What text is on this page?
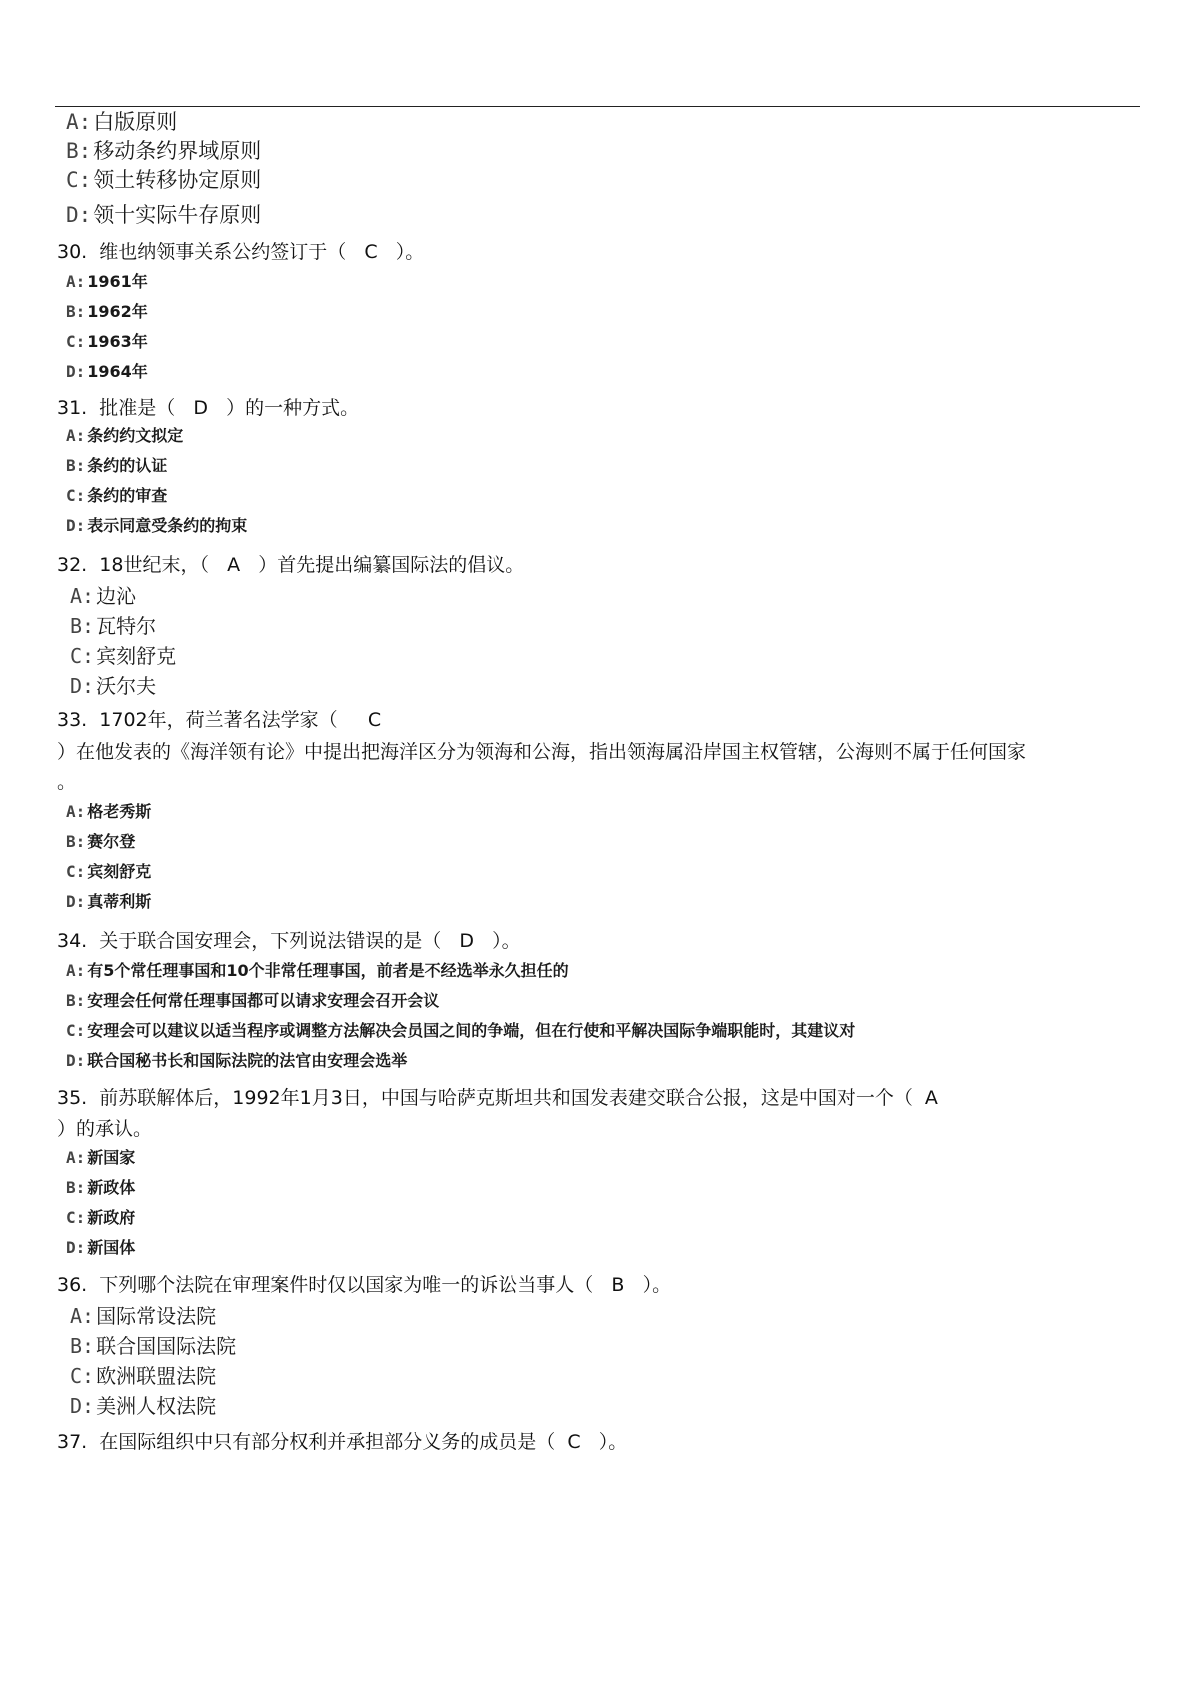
A:白版原则
B:移动条约界域原则
C:领土转移协定原则
D:领十实际牛存原则
30.  维也纳领事关系公约签订于（   C   ）。
A: 1961年
B: 1962年
C: 1963年
D: 1964年
31.  批准是（   D   ）的一种方式。
A: 条约约文拟定
B: 条约的认证
C: 条约的审查
D: 表示同意受条约的拘束
32.  18世纪末，（   A   ）首先提出编纂国际法的倡议。
A: 边沁
B: 瓦特尔
C: 宾刻舒克
D: 沃尔夫
33.  1702年，荷兰著名法学家（     C
）在他发表的《海洋领有论》中提出把海洋区分为领海和公海，指出领海属沿岸国主权管辖，公海则不属于任何国家
。
A: 格老秀斯
B: 赛尔登
C: 宾刻舒克
D: 真蒂利斯
34.  关于联合国安理会，下列说法错误的是（   D   ）。
A: 有5个常任理事国和10个非常任理事国，前者是不经选举永久担任的
B: 安理会任何常任理事国都可以请求安理会召开会议
C: 安理会可以建议以适当程序或调整方法解决会员国之间的争端，但在行使和平解决国际争端职能时，其建议对
D: 联合国秘书长和国际法院的法官由安理会选举
35.  前苏联解体后，1992年1月3日，中国与哈萨克斯坦共和国发表建交联合公报，这是中国对一个（  A
）的承认。
A: 新国家
B: 新政体
C: 新政府
D: 新国体
36.  下列哪个法院在审理案件时仅以国家为唯一的诉讼当事人（   B   ）。
A: 国际常设法院
B: 联合国国际法院
C: 欧洲联盟法院
D: 美洲人权法院
37.  在国际组织中只有部分权利并承担部分义务的成员是（  C   ）。
